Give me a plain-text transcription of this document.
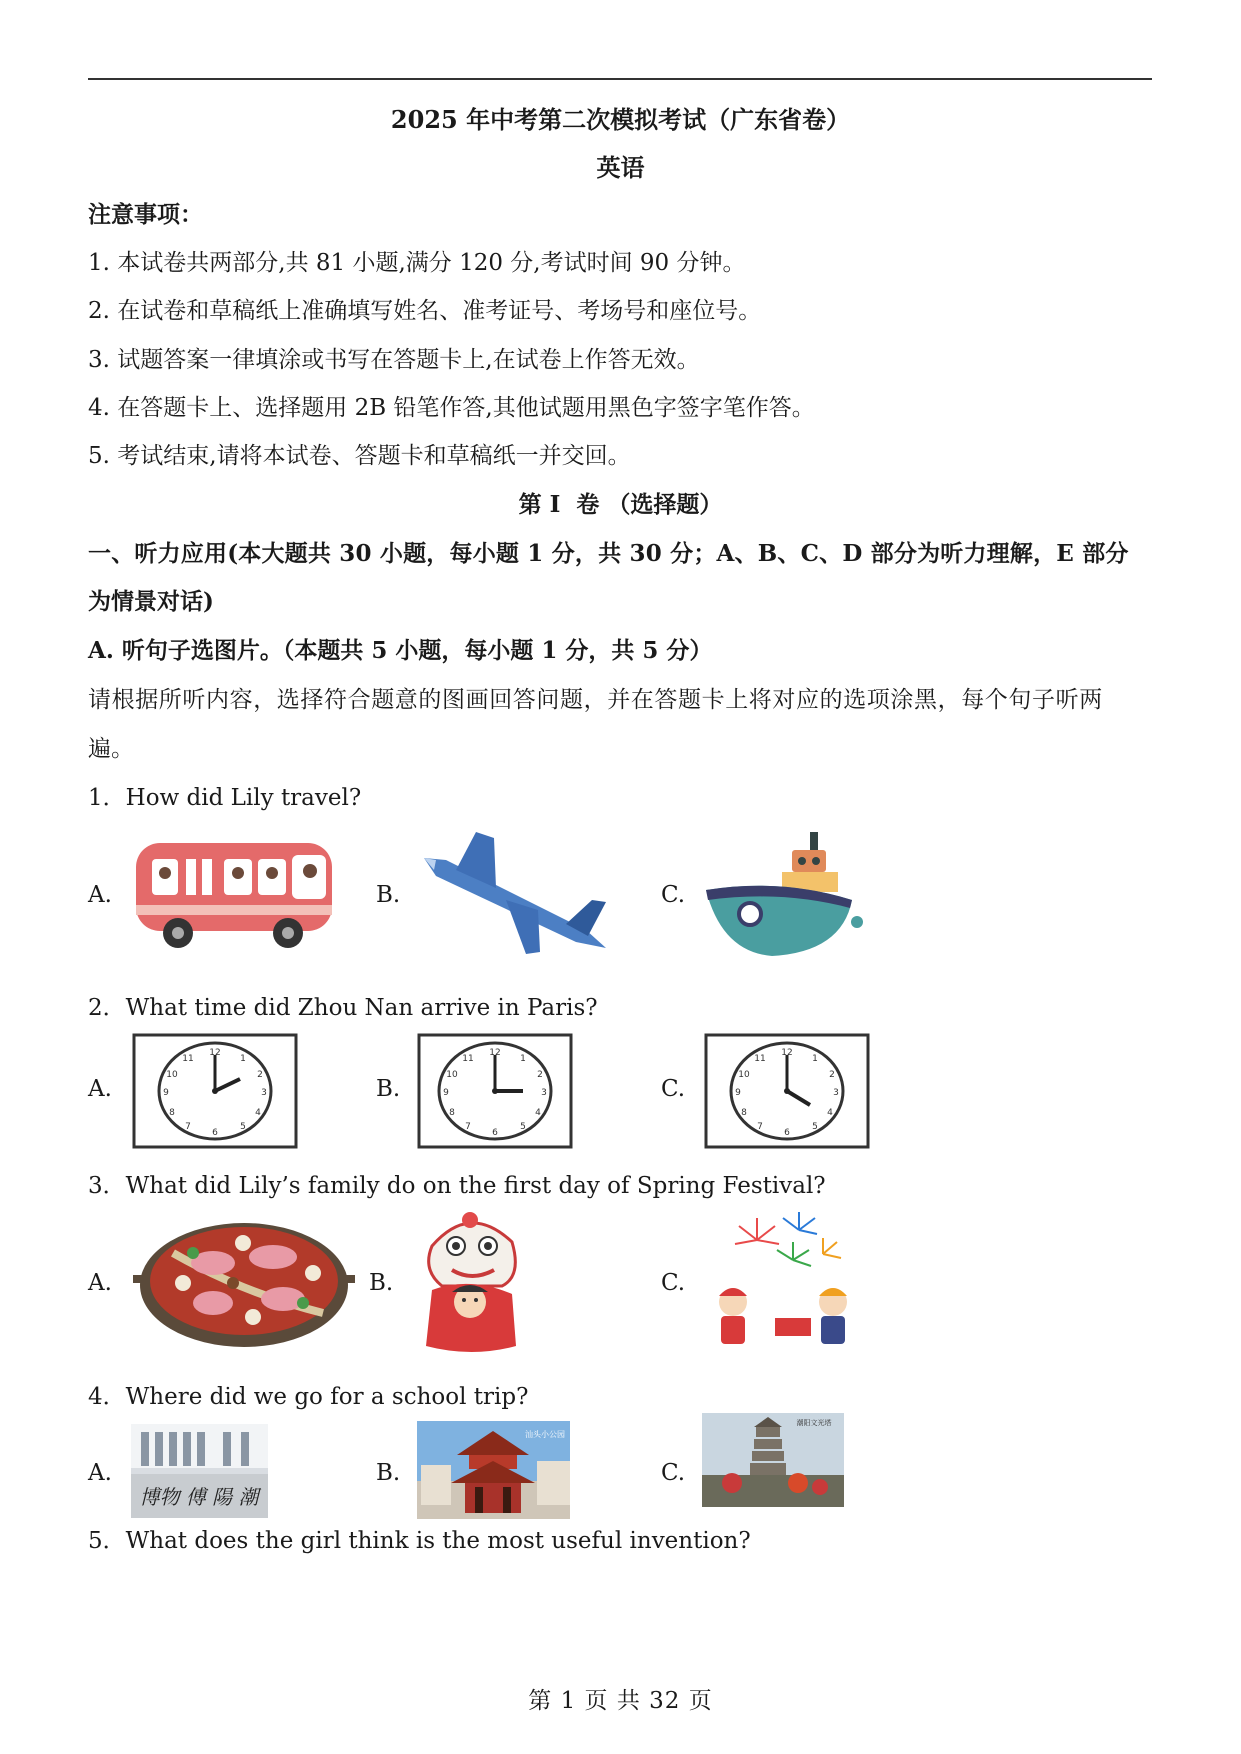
2025 年中考第二次模拟考试（广东省卷）
英语
注意事项：
1. 本试卷共两部分,共 81 小题,满分 120 分,考试时间 90 分钟。
2. 在试卷和草稿纸上准确填写姓名、准考证号、考场号和座位号。
3. 试题答案一律填涂或书写在答题卡上,在试卷上作答无效。
4. 在答题卡上、选择题用 2B 铅笔作答,其他试题用黑色字签字笔作答。
5. 考试结束,请将本试卷、答题卡和草稿纸一并交回。
第 I  卷 （选择题）
一、听力应用(本大题共 30 小题，每小题 1 分，共 30 分；A、B、C、D 部分为听力理解，E 部分
为情景对话)
A. 听句子选图片。（本题共 5 小题，每小题 1 分，共 5 分）
请根据所听内容，选择符合题意的图画回答问题，并在答题卡上将对应的选项涂黑，每个句子听两
遍。
1．How did Lily travel?
A.	B.	C.
2．What time did Zhou Nan arrive in Paris?
A.
12
1
2
3
4
5
6
7
8
9
10
11
B.
12
1
2
3
4
5
6
7
8
9
10
11
C.
12
1
2
3
4
5
6
7
8
9
10
11
3．What did Lily’s family do on the first day of Spring Festival?
A.	B.	C.
4．Where did we go for a school trip?
A.
博物 傅 陽 潮
B.
汕头小公园
C.
潮阳文光塔
5．What does the girl think is the most useful invention?
第 1 页 共 32 页
